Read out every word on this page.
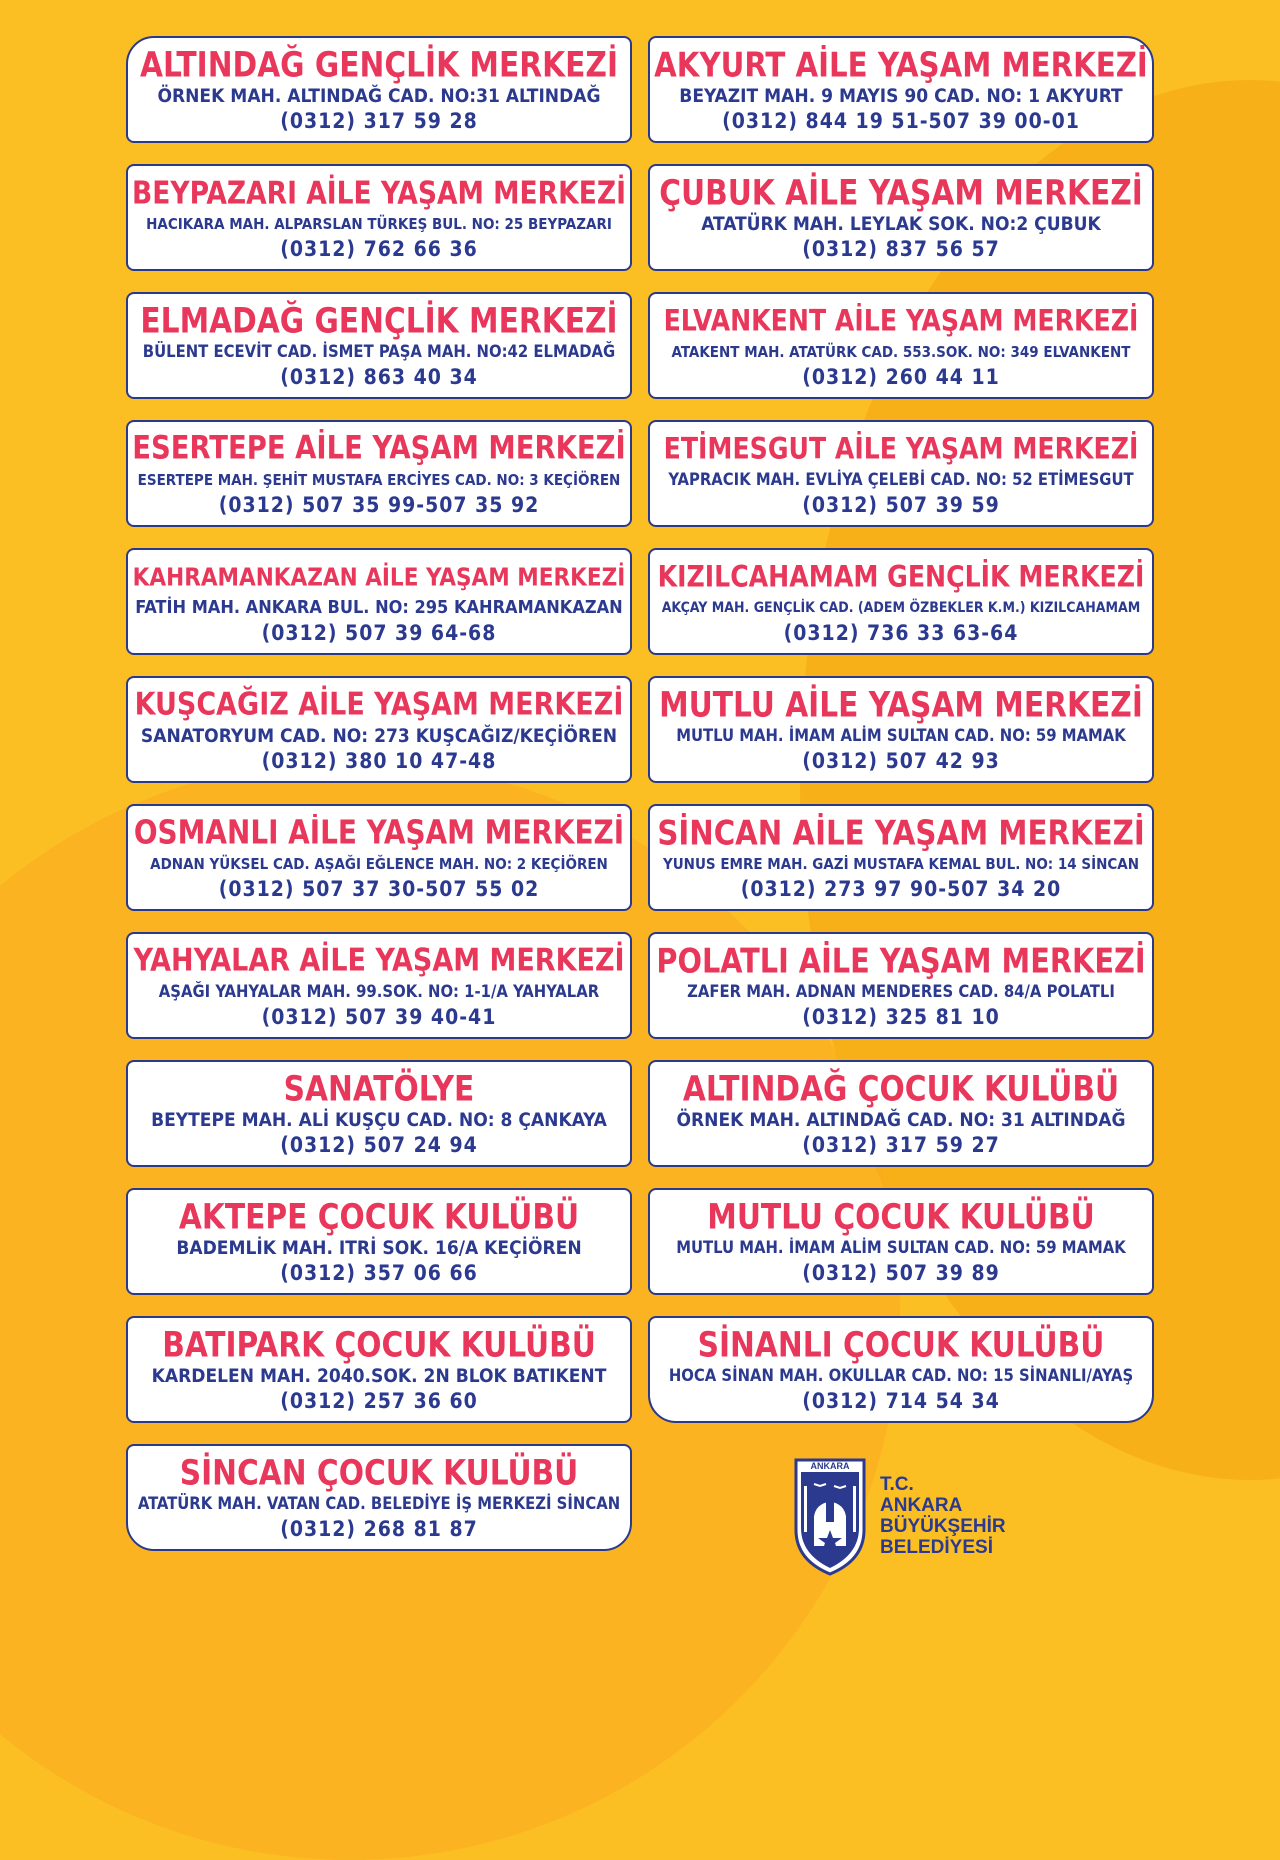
ALTINDAĞ GENÇLİK MERKEZİ
ÖRNEK MAH. ALTINDAĞ CAD. NO:31 ALTINDAĞ
(0312) 317 59 28
AKYURT AİLE YAŞAM MERKEZİ
BEYAZIT MAH. 9 MAYIS 90 CAD. NO: 1 AKYURT
(0312) 844 19 51-507 39 00-01
BEYPAZARI AİLE YAŞAM MERKEZİ
HACIKARA MAH. ALPARSLAN TÜRKEŞ BUL. NO: 25 BEYPAZARI
(0312) 762 66 36
ÇUBUK AİLE YAŞAM MERKEZİ
ATATÜRK MAH. LEYLAK SOK. NO:2 ÇUBUK
(0312) 837 56 57
ELMADAĞ GENÇLİK MERKEZİ
BÜLENT ECEVİT CAD. İSMET PAŞA MAH. NO:42 ELMADAĞ
(0312) 863 40 34
ELVANKENT AİLE YAŞAM MERKEZİ
ATAKENT MAH. ATATÜRK CAD. 553.SOK. NO: 349 ELVANKENT
(0312) 260 44 11
ESERTEPE AİLE YAŞAM MERKEZİ
ESERTEPE MAH. ŞEHİT MUSTAFA ERCİYES CAD. NO: 3 KEÇİÖREN
(0312) 507 35 99-507 35 92
ETİMESGUT AİLE YAŞAM MERKEZİ
YAPRACIK MAH. EVLİYA ÇELEBİ CAD. NO: 52 ETİMESGUT
(0312) 507 39 59
KAHRAMANKAZAN AİLE YAŞAM MERKEZİ
FATİH MAH. ANKARA BUL. NO: 295 KAHRAMANKAZAN
(0312) 507 39 64-68
KIZILCAHAMAM GENÇLİK MERKEZİ
AKÇAY MAH. GENÇLİK CAD. (ADEM ÖZBEKLER K.M.) KIZILCAHAMAM
(0312) 736 33 63-64
KUŞCAĞIZ AİLE YAŞAM MERKEZİ
SANATORYUM CAD. NO: 273 KUŞCAĞIZ/KEÇİÖREN
(0312) 380 10 47-48
MUTLU AİLE YAŞAM MERKEZİ
MUTLU MAH. İMAM ALİM SULTAN CAD. NO: 59 MAMAK
(0312) 507 42 93
OSMANLI AİLE YAŞAM MERKEZİ
ADNAN YÜKSEL CAD. AŞAĞI EĞLENCE MAH. NO: 2 KEÇİÖREN
(0312) 507 37 30-507 55 02
SİNCAN AİLE YAŞAM MERKEZİ
YUNUS EMRE MAH. GAZİ MUSTAFA KEMAL BUL. NO: 14 SİNCAN
(0312) 273 97 90-507 34 20
YAHYALAR AİLE YAŞAM MERKEZİ
AŞAĞI YAHYALAR MAH. 99.SOK. NO: 1-1/A YAHYALAR
(0312) 507 39 40-41
POLATLI AİLE YAŞAM MERKEZİ
ZAFER MAH. ADNAN MENDERES CAD. 84/A POLATLI
(0312) 325 81 10
SANATÖLYE
BEYTEPE MAH. ALİ KUŞÇU CAD. NO: 8 ÇANKAYA
(0312) 507 24 94
ALTINDAĞ ÇOCUK KULÜBÜ
ÖRNEK MAH. ALTINDAĞ CAD. NO: 31 ALTINDAĞ
(0312) 317 59 27
AKTEPE ÇOCUK KULÜBÜ
BADEMLİK MAH. ITRİ SOK. 16/A KEÇİÖREN
(0312) 357 06 66
MUTLU ÇOCUK KULÜBÜ
MUTLU MAH. İMAM ALİM SULTAN CAD. NO: 59 MAMAK
(0312) 507 39 89
BATIPARK ÇOCUK KULÜBÜ
KARDELEN MAH. 2040.SOK. 2N BLOK BATIKENT
(0312) 257 36 60
SİNANLI ÇOCUK KULÜBÜ
HOCA SİNAN MAH. OKULLAR CAD. NO: 15 SİNANLI/AYAŞ
(0312) 714 54 34
SİNCAN ÇOCUK KULÜBÜ
ATATÜRK MAH. VATAN CAD. BELEDİYE İŞ MERKEZİ SİNCAN
(0312) 268 81 87
ANKARA
T.C.
ANKARA
BÜYÜKŞEHİR
BELEDİYESİ
